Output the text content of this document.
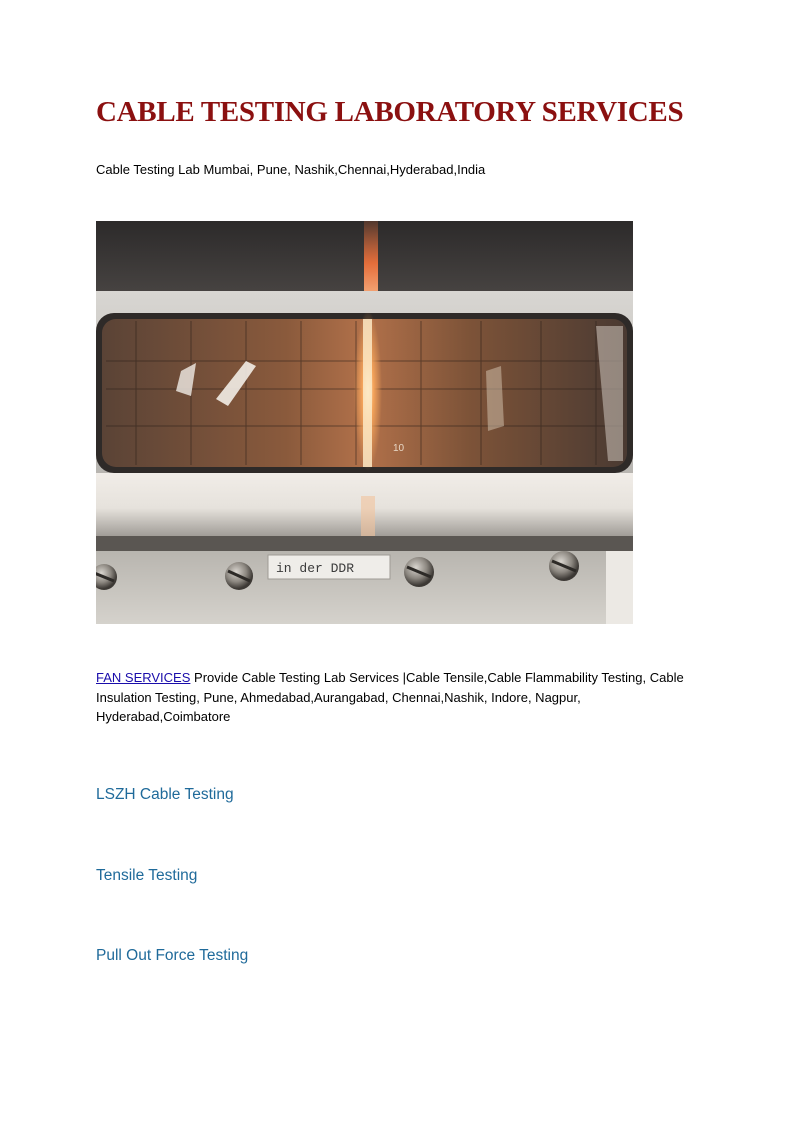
CABLE TESTING LABORATORY SERVICES

Cable Testing Lab Mumbai, Pune, Nashik,Chennai,Hyderabad,India

10
in der DDR

FAN SERVICES Provide Cable Testing Lab Services |Cable Tensile,Cable Flammability Testing, Cable Insulation Testing, Pune, Ahmedabad,Aurangabad, Chennai,Nashik, Indore, Nagpur, Hyderabad,Coimbatore

LSZH Cable Testing

Tensile Testing

Pull Out Force Testing
